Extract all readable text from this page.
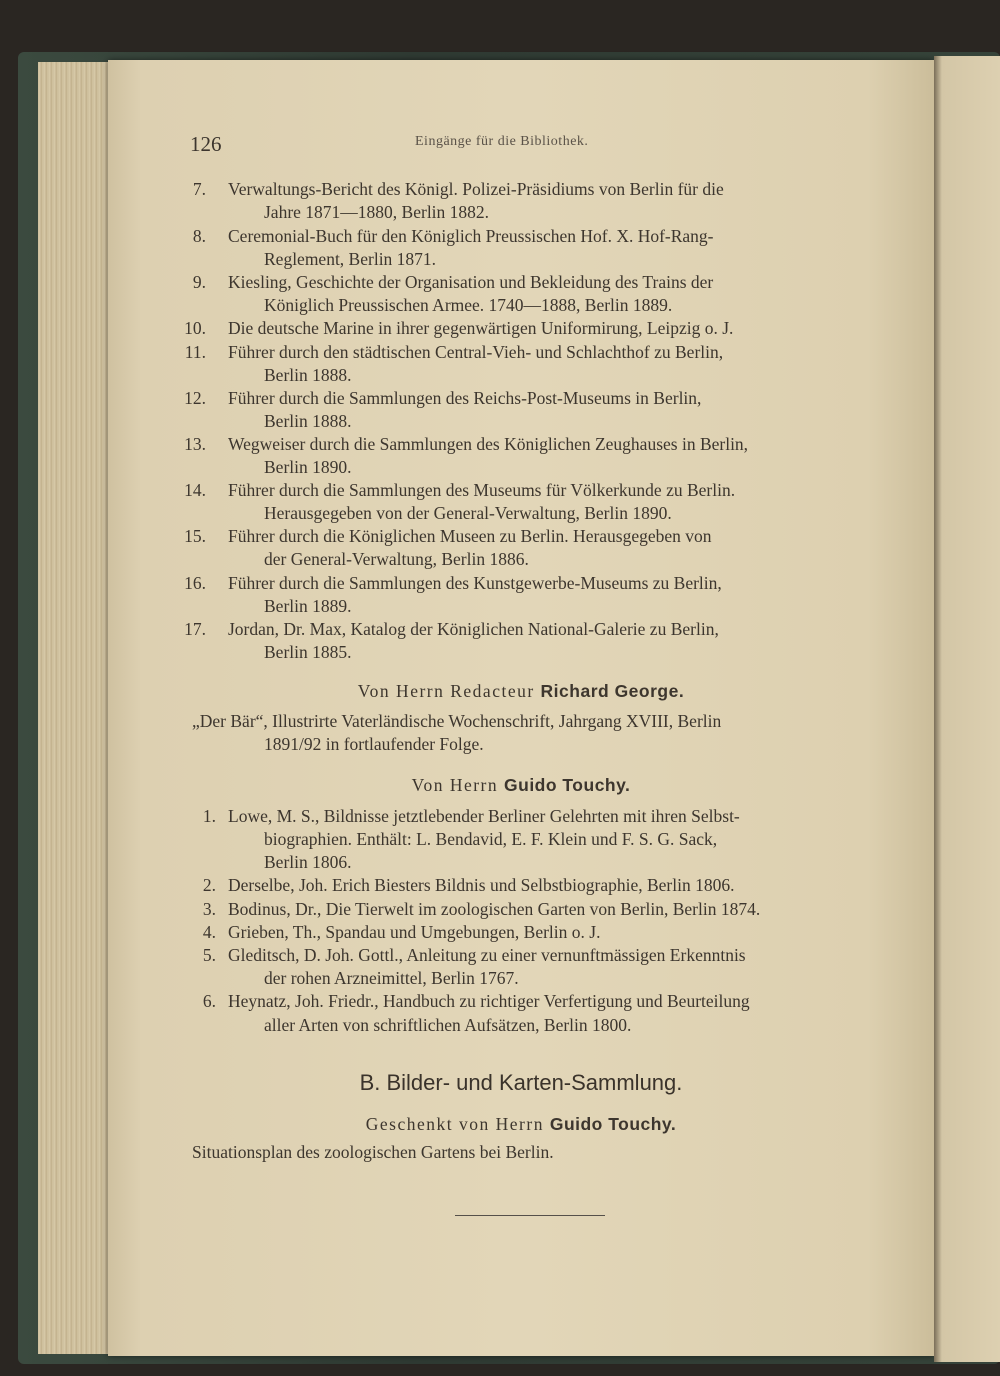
126	Eingänge für die Bibliothek.
7. Verwaltungs-Bericht des Königl. Polizei-Präsidiums von Berlin für die
Jahre 1871—1880, Berlin 1882.
8. Ceremonial-Buch für den Königlich Preussischen Hof. X. Hof-Rang-
Reglement, Berlin 1871.
9. Kiesling, Geschichte der Organisation und Bekleidung des Trains der
Königlich Preussischen Armee. 1740—1888, Berlin 1889.
10. Die deutsche Marine in ihrer gegenwärtigen Uniformirung, Leipzig o. J.
11. Führer durch den städtischen Central-Vieh- und Schlachthof zu Berlin,
Berlin 1888.
12. Führer durch die Sammlungen des Reichs-Post-Museums in Berlin,
Berlin 1888.
13. Wegweiser durch die Sammlungen des Königlichen Zeughauses in Berlin,
Berlin 1890.
14. Führer durch die Sammlungen des Museums für Völkerkunde zu Berlin.
Herausgegeben von der General-Verwaltung, Berlin 1890.
15. Führer durch die Königlichen Museen zu Berlin. Herausgegeben von
der General-Verwaltung, Berlin 1886.
16. Führer durch die Sammlungen des Kunstgewerbe-Museums zu Berlin,
Berlin 1889.
17. Jordan, Dr. Max, Katalog der Königlichen National-Galerie zu Berlin,
Berlin 1885.
Von Herrn Redacteur Richard George.
„Der Bär“, Illustrirte Vaterländische Wochenschrift, Jahrgang XVIII, Berlin
1891/92 in fortlaufender Folge.
Von Herrn Guido Touchy.
1. Lowe, M. S., Bildnisse jetztlebender Berliner Gelehrten mit ihren Selbst-
biographien. Enthält: L. Bendavid, E. F. Klein und F. S. G. Sack,
Berlin 1806.
2. Derselbe, Joh. Erich Biesters Bildnis und Selbstbiographie, Berlin 1806.
3. Bodinus, Dr., Die Tierwelt im zoologischen Garten von Berlin, Berlin 1874.
4. Grieben, Th., Spandau und Umgebungen, Berlin o. J.
5. Gleditsch, D. Joh. Gottl., Anleitung zu einer vernunftmässigen Erkenntnis
der rohen Arzneimittel, Berlin 1767.
6. Heynatz, Joh. Friedr., Handbuch zu richtiger Verfertigung und Beurteilung
aller Arten von schriftlichen Aufsätzen, Berlin 1800.
B. Bilder- und Karten-Sammlung.
Geschenkt von Herrn Guido Touchy.
Situationsplan des zoologischen Gartens bei Berlin.
